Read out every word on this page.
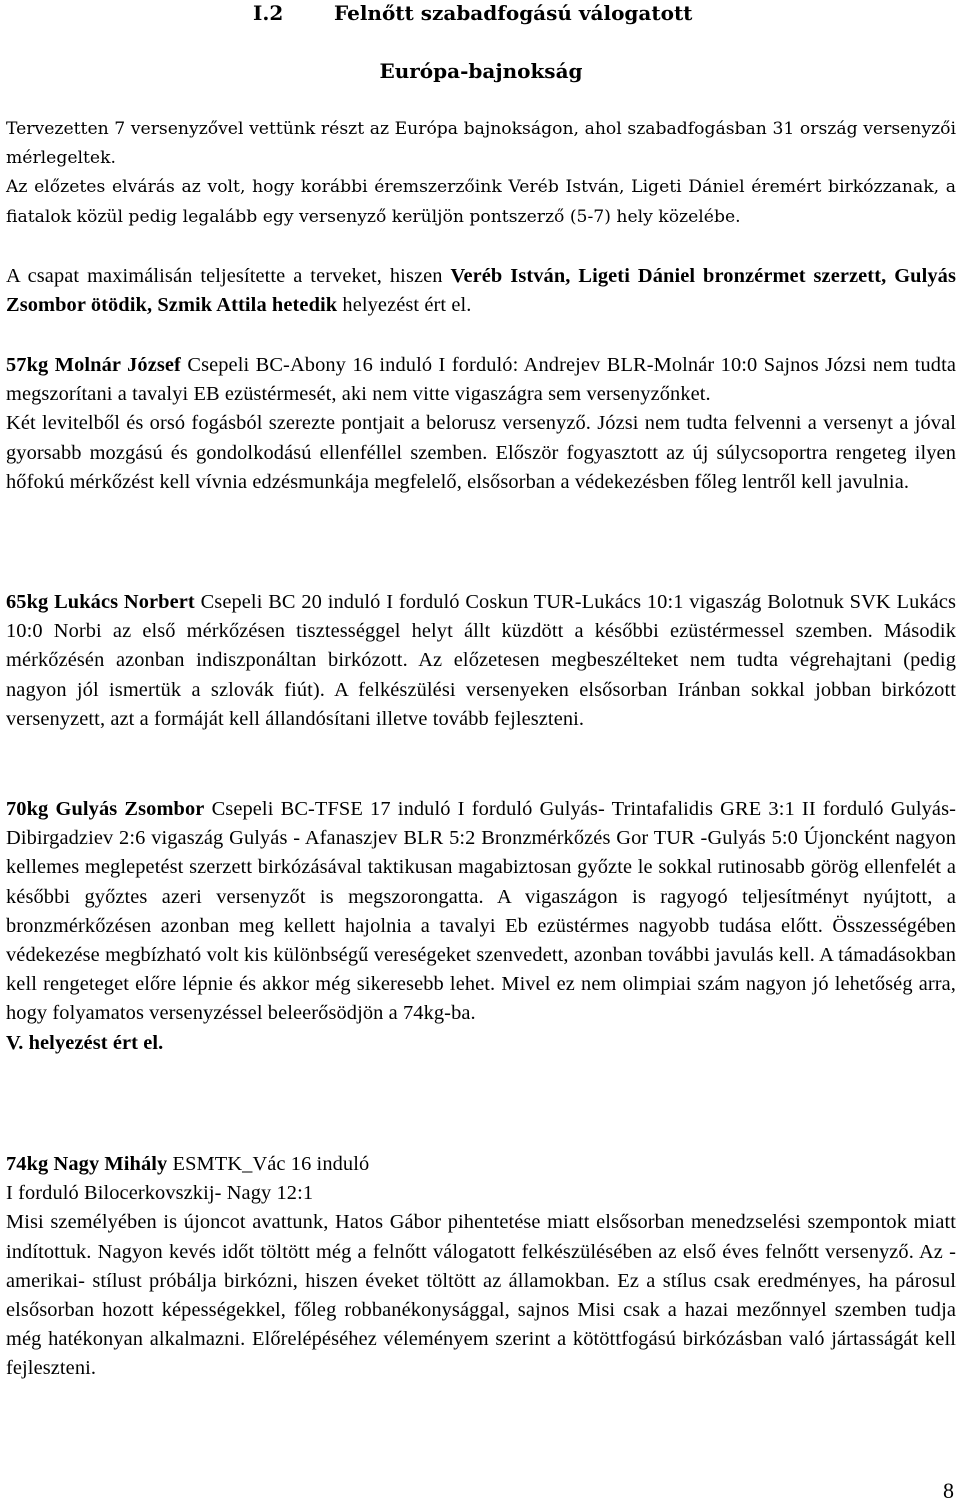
I.2	Felnőtt szabadfogású válogatott
Európa-bajnokság

Tervezetten 7 versenyzővel vettünk részt az Európa bajnokságon, ahol szabadfogásban 31 ország versenyzői mérlegeltek.

Az előzetes elvárás az volt, hogy korábbi éremszerzőink Veréb István, Ligeti Dániel éremért birkózzanak, a fiatalok közül pedig legalább egy versenyző kerüljön pontszerző (5-7) hely közelébe.

A csapat maximálisán teljesítette a terveket, hiszen Veréb István, Ligeti Dániel bronzérmet szerzett, Gulyás Zsombor ötödik, Szmik Attila hetedik helyezést ért el.

57kg Molnár József Csepeli BC-Abony 16 induló I forduló: Andrejev BLR-Molnár 10:0 Sajnos Józsi nem tudta megszorítani a tavalyi EB ezüstérmesét, aki nem vitte vigaszágra sem versenyzőnket.

Két levitelből és orsó fogásból szerezte pontjait a belorusz versenyző. Józsi nem tudta felvenni a versenyt a jóval gyorsabb mozgású és gondolkodású ellenféllel szemben. Először fogyasztott az új súlycsoportra rengeteg ilyen hőfokú mérkőzést kell vívnia edzésmunkája megfelelő, elsősorban a védekezésben főleg lentről kell javulnia.

65kg Lukács Norbert Csepeli BC 20 induló I forduló Coskun TUR-Lukács 10:1 vigaszág Bolotnuk SVK Lukács 10:0 Norbi az első mérkőzésen tisztességgel helyt állt küzdött a későbbi ezüstérmessel szemben. Második mérkőzésén azonban indiszponáltan birkózott. Az előzetesen megbeszélteket nem tudta végrehajtani (pedig nagyon jól ismertük a szlovák fiút). A felkészülési versenyeken elsősorban Iránban sokkal jobban birkózott versenyzett, azt a formáját kell állandósítani illetve tovább fejleszteni.

70kg Gulyás Zsombor Csepeli BC-TFSE 17 induló I forduló Gulyás- Trintafalidis GRE 3:1 II forduló Gulyás- Dibirgadziev 2:6 vigaszág Gulyás - Afanaszjev BLR 5:2 Bronzmérkőzés Gor TUR -Gulyás 5:0 Újoncként nagyon kellemes meglepetést szerzett birkózásával taktikusan magabiztosan győzte le sokkal rutinosabb görög ellenfelét a későbbi győztes azeri versenyzőt is megszorongatta. A vigaszágon is ragyogó teljesítményt nyújtott, a bronzmérkőzésen azonban meg kellett hajolnia a tavalyi Eb ezüstérmes nagyobb tudása előtt. Összességében védekezése megbízható volt kis különbségű vereségeket szenvedett, azonban további javulás kell. A támadásokban kell rengeteget előre lépnie és akkor még sikeresebb lehet. Mivel ez nem olimpiai szám nagyon jó lehetőség arra, hogy folyamatos versenyzéssel beleerősödjön a 74kg-ba.

V. helyezést ért el.

74kg Nagy Mihály ESMTK_Vác 16 induló

I forduló Bilocerkovszkij- Nagy 12:1

Misi személyében is újoncot avattunk, Hatos Gábor pihentetése miatt elsősorban menedzselési szempontok miatt indítottuk. Nagyon kevés időt töltött még a felnőtt válogatott felkészülésében az első éves felnőtt versenyző. Az -amerikai- stílust próbálja birkózni, hiszen éveket töltött az államokban. Ez a stílus csak eredményes, ha párosul elsősorban hozott képességekkel, főleg robbanékonysággal, sajnos Misi csak a hazai mezőnnyel szemben tudja még hatékonyan alkalmazni. Előrelépéséhez véleményem szerint a kötöttfogású birkózásban való jártasságát kell fejleszteni.

8
